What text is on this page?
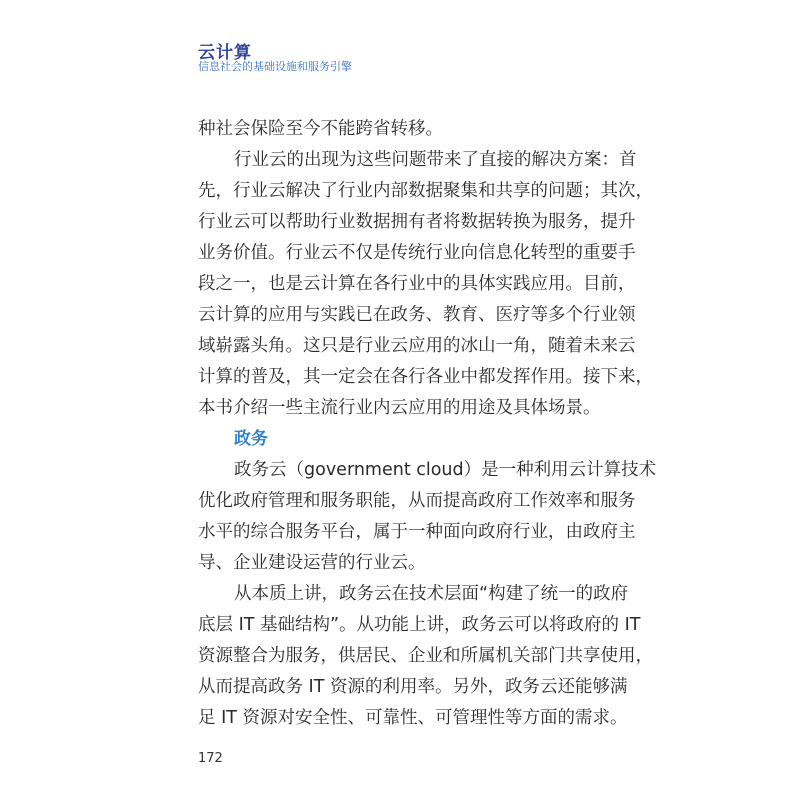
云计算
信息社会的基础设施和服务引擎
种社会保险至今不能跨省转移。
行业云的出现为这些问题带来了直接的解决方案：首
先，行业云解决了行业内部数据聚集和共享的问题；其次，
行业云可以帮助行业数据拥有者将数据转换为服务，提升
业务价值。行业云不仅是传统行业向信息化转型的重要手
段之一，也是云计算在各行业中的具体实践应用。目前，
云计算的应用与实践已在政务、教育、医疗等多个行业领
域崭露头角。这只是行业云应用的冰山一角，随着未来云
计算的普及，其一定会在各行各业中都发挥作用。接下来，
本书介绍一些主流行业内云应用的用途及具体场景。
政务
政务云（government cloud）是一种利用云计算技术
优化政府管理和服务职能，从而提高政府工作效率和服务
水平的综合服务平台，属于一种面向政府行业，由政府主
导、企业建设运营的行业云。
从本质上讲，政务云在技术层面“构建了统一的政府
底层 IT 基础结构”。从功能上讲，政务云可以将政府的 IT
资源整合为服务，供居民、企业和所属机关部门共享使用，
从而提高政务 IT 资源的利用率。另外，政务云还能够满
足 IT 资源对安全性、可靠性、可管理性等方面的需求。
172
